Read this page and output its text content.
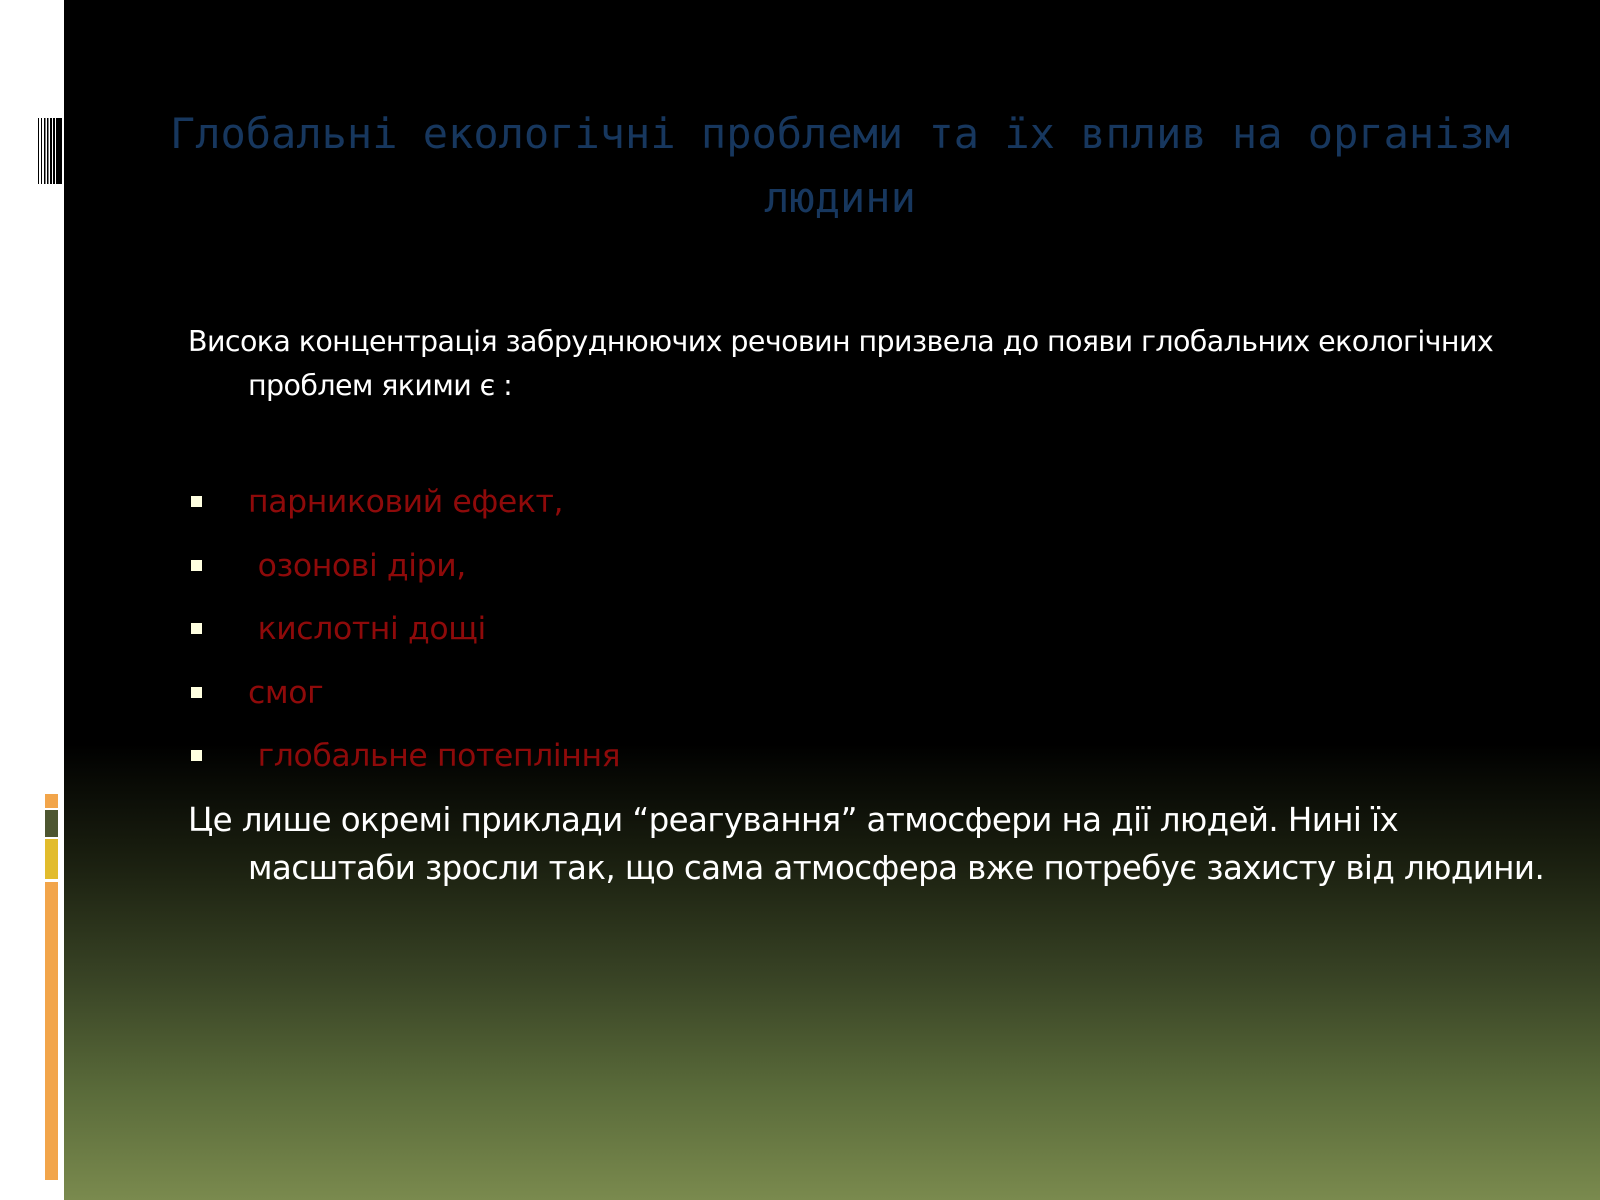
Глобальні екологічні проблеми та їх вплив на організм людини

Висока концентрація забруднюючих речовин призвела до появи глобальних екологічних проблем якими є :

парниковий ефект,
озонові діри,
кислотні дощі
смог
глобальне потепління

Це лише окремі приклади “реагування” атмосфери на дії людей. Нині їх масштаби зросли так, що сама атмосфера вже потребує захисту від людини.
